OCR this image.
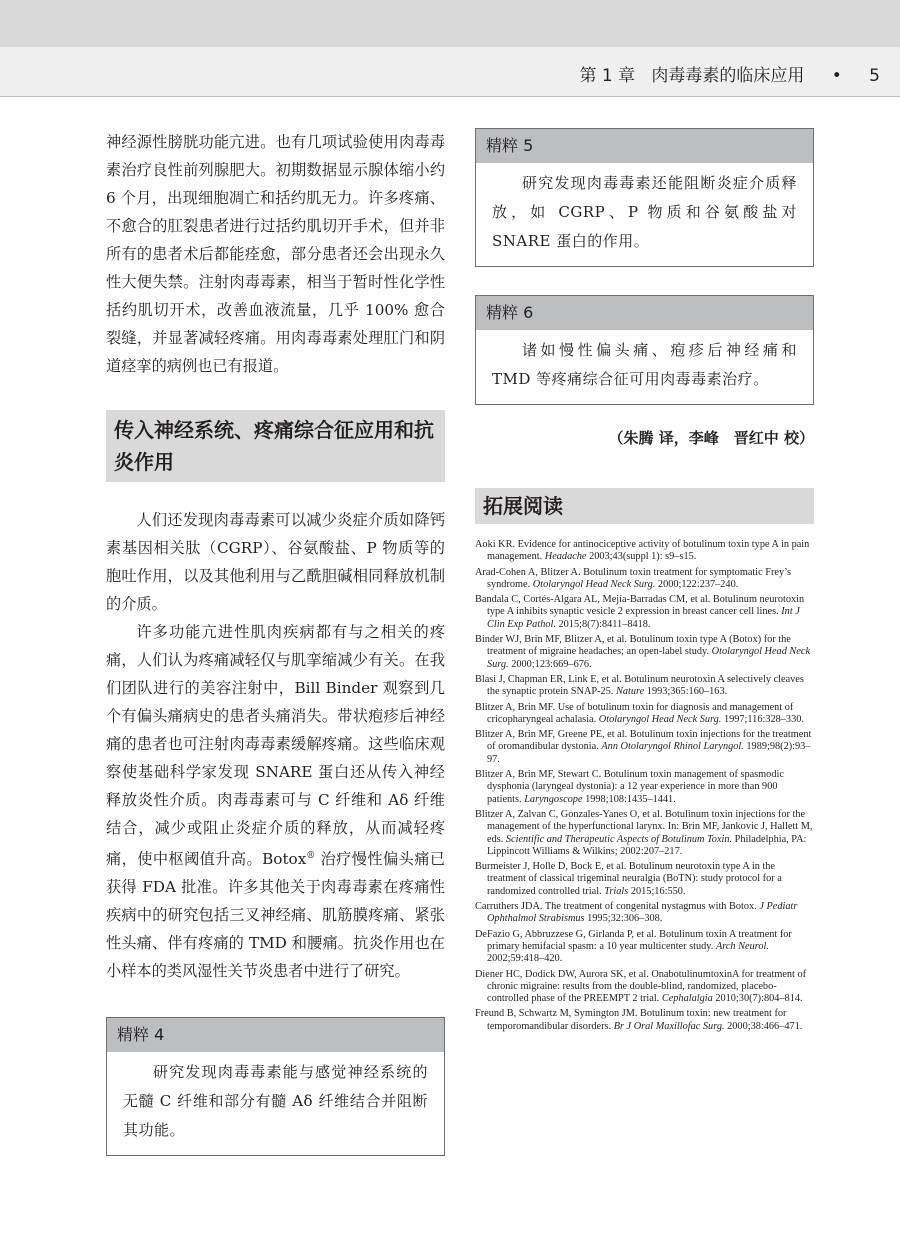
第 1 章 肉毒毒素的临床应用 • 5

神经源性膀胱功能亢进。也有几项试验使用肉毒毒素治疗良性前列腺肥大。初期数据显示腺体缩小约 6 个月，出现细胞凋亡和括约肌无力。许多疼痛、不愈合的肛裂患者进行过括约肌切开手术，但并非所有的患者术后都能痊愈，部分患者还会出现永久性大便失禁。注射肉毒毒素，相当于暂时性化学性括约肌切开术，改善血液流量，几乎 100% 愈合裂缝，并显著减轻疼痛。用肉毒毒素处理肛门和阴道痉挛的病例也已有报道。

传入神经系统、疼痛综合征应用和抗炎作用

人们还发现肉毒毒素可以减少炎症介质如降钙素基因相关肽（CGRP）、谷氨酸盐、P 物质等的胞吐作用，以及其他利用与乙酰胆碱相同释放机制的介质。

许多功能亢进性肌肉疾病都有与之相关的疼痛，人们认为疼痛减轻仅与肌挛缩减少有关。在我们团队进行的美容注射中，Bill Binder 观察到几个有偏头痛病史的患者头痛消失。带状疱疹后神经痛的患者也可注射肉毒毒素缓解疼痛。这些临床观察使基础科学家发现 SNARE 蛋白还从传入神经释放炎性介质。肉毒毒素可与 C 纤维和 Aδ 纤维结合，减少或阻止炎症介质的释放，从而减轻疼痛，使中枢阈值升高。Botox® 治疗慢性偏头痛已获得 FDA 批准。许多其他关于肉毒毒素在疼痛性疾病中的研究包括三叉神经痛、肌筋膜疼痛、紧张性头痛、伴有疼痛的 TMD 和腰痛。抗炎作用也在小样本的类风湿性关节炎患者中进行了研究。

精粹 4
研究发现肉毒毒素能与感觉神经系统的无髓 C 纤维和部分有髓 Aδ 纤维结合并阻断其功能。
精粹 5
研究发现肉毒毒素还能阻断炎症介质释放，如 CGRP、P 物质和谷氨酸盐对 SNARE 蛋白的作用。
精粹 6
诸如慢性偏头痛、疱疹后神经痛和 TMD 等疼痛综合征可用肉毒毒素治疗。
（朱腾 译，李峰　晋红中 校）
拓展阅读
Aoki KR. Evidence for antinociceptive activity of botulinum toxin type A in pain management. Headache 2003;43(suppl 1): s9–s15.
Arad-Cohen A, Blitzer A. Botulinum toxin treatment for symptomatic Frey’s syndrome. Otolaryngol Head Neck Surg. 2000;122:237–240.
Bandala C, Cortés-Algara AL, Mejía-Barradas CM, et al. Botulinum neurotoxin type A inhibits synaptic vesicle 2 expression in breast cancer cell lines. Int J Clin Exp Pathol. 2015;8(7):8411–8418.
Binder WJ, Brin MF, Blitzer A, et al. Botulinum toxin type A (Botox) for the treatment of migraine headaches; an open-label study. Otolaryngol Head Neck Surg. 2000;123:669–676.
Blasi J, Chapman ER, Link E, et al. Botulinum neurotoxin A selectively cleaves the synaptic protein SNAP-25. Nature 1993;365:160–163.
Blitzer A, Brin MF. Use of botulinum toxin for diagnosis and management of cricopharyngeal achalasia. Otolaryngol Head Neck Surg. 1997;116:328–330.
Blitzer A, Brin MF, Greene PE, et al. Botulinum toxin injections for the treatment of oromandibular dystonia. Ann Otolaryngol Rhinol Laryngol. 1989;98(2):93–97.
Blitzer A, Brin MF, Stewart C. Botulinum toxin management of spasmodic dysphonia (laryngeal dystonia): a 12 year experience in more than 900 patients. Laryngoscope 1998;108:1435–1441.
Blitzer A, Zalvan C, Gonzales-Yanes O, et al. Botulinum toxin injections for the management of the hyperfunctional larynx. In: Brin MF, Jankovic J, Hallett M, eds. Scientific and Therapeutic Aspects of Botulinum Toxin. Philadelphia, PA: Lippincott Williams & Wilkins; 2002:207–217.
Burmeister J, Holle D, Bock E, et al. Botulinum neurotoxin type A in the treatment of classical trigeminal neuralgia (BoTN): study protocol for a randomized controlled trial. Trials 2015;16:550.
Carruthers JDA. The treatment of congenital nystagmus with Botox. J Pediatr Ophthalmol Strabismus 1995;32:306–308.
DeFazio G, Abbruzzese G, Girlanda P, et al. Botulinum toxin A treatment for primary hemifacial spasm: a 10 year multicenter study. Arch Neurol. 2002;59:418–420.
Diener HC, Dodick DW, Aurora SK, et al. OnabotulinumtoxinA for treatment of chronic migraine: results from the double-blind, randomized, placebo-controlled phase of the PREEMPT 2 trial. Cephalalgia 2010;30(7):804–814.
Freund B, Schwartz M, Symington JM. Botulinum toxin: new treatment for temporomandibular disorders. Br J Oral Maxillofac Surg. 2000;38:466–471.
